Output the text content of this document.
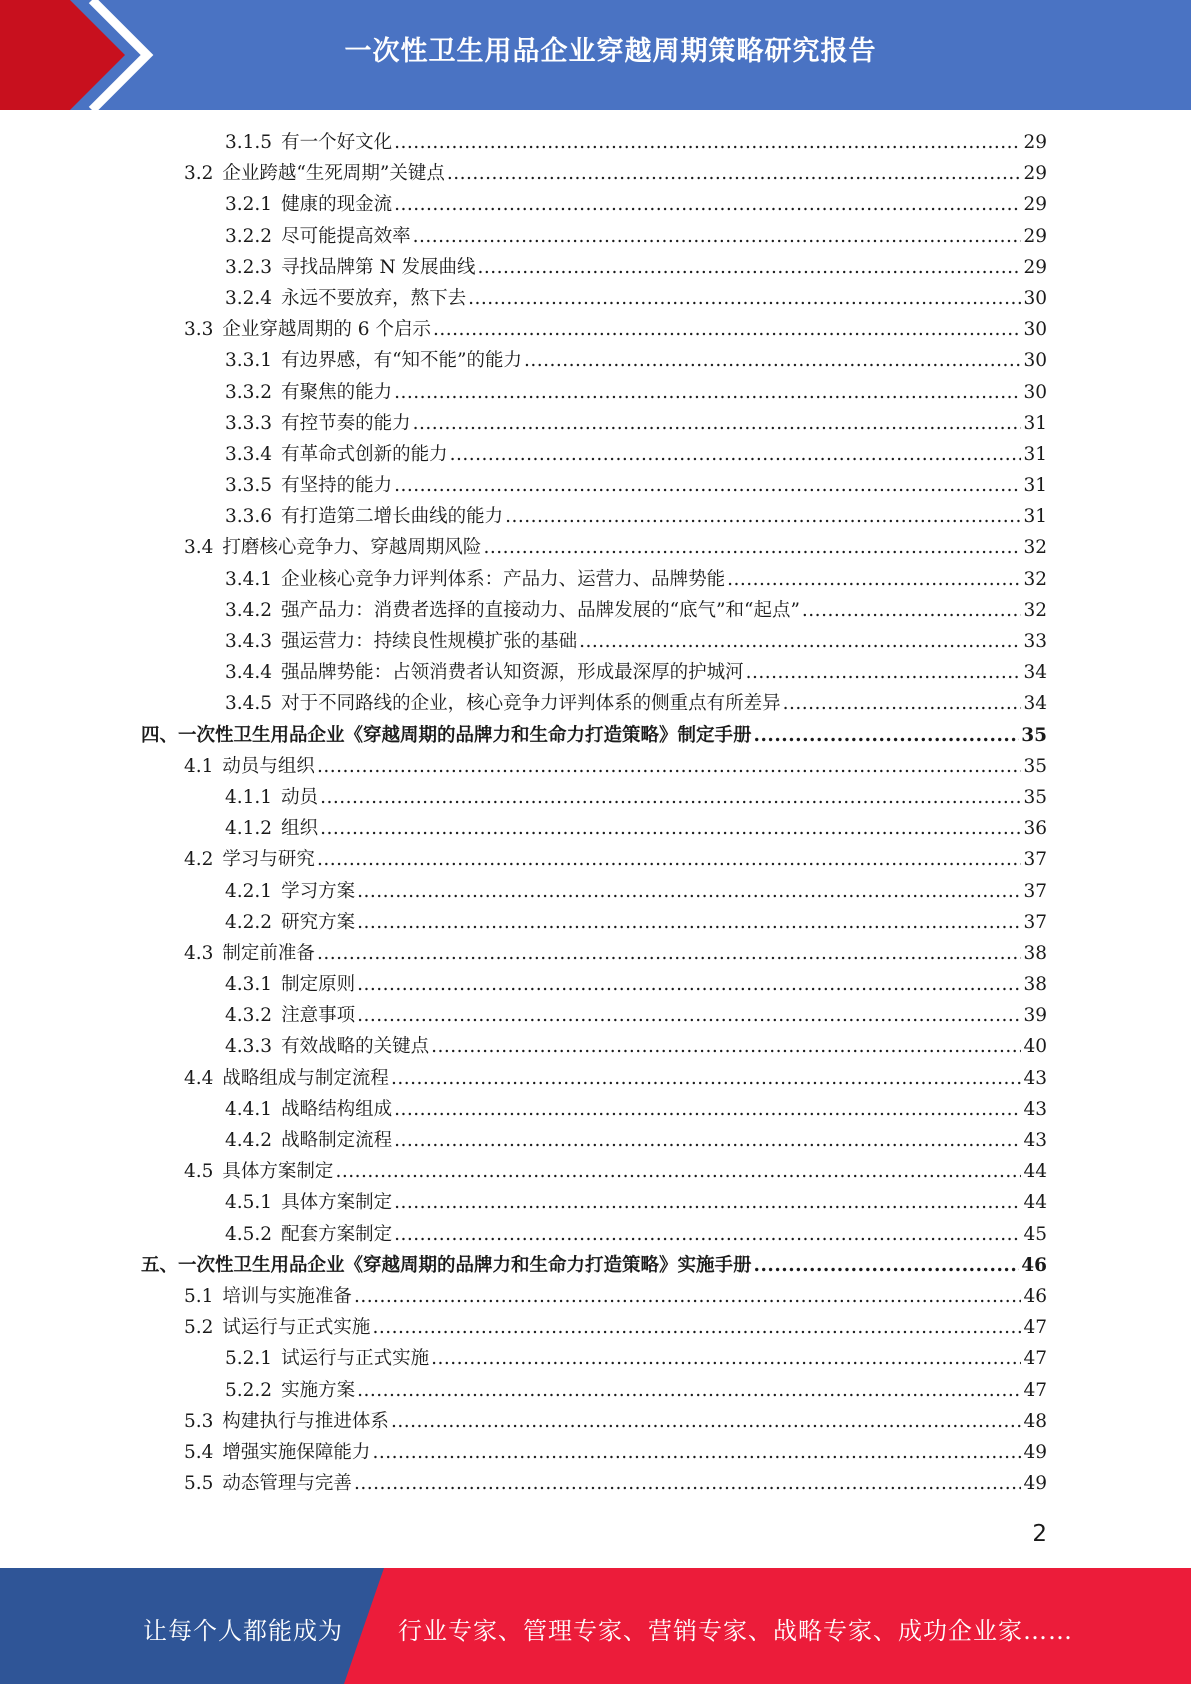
一次性卫生用品企业穿越周期策略研究报告
3.1.5 有一个好文化 .....	29
3.2 企业跨越“生死周期”关键点 .....	29
3.2.1 健康的现金流 .....	29
3.2.2 尽可能提高效率 .....	29
3.2.3 寻找品牌第 N 发展曲线 .....	29
3.2.4 永远不要放弃，熬下去 .....	30
3.3 企业穿越周期的 6 个启示 .....	30
3.3.1 有边界感，有“知不能”的能力 .....	30
3.3.2 有聚焦的能力 .....	30
3.3.3 有控节奏的能力 .....	31
3.3.4 有革命式创新的能力 .....	31
3.3.5 有坚持的能力 .....	31
3.3.6 有打造第二增长曲线的能力 .....	31
3.4 打磨核心竞争力、穿越周期风险 .....	32
3.4.1 企业核心竞争力评判体系：产品力、运营力、品牌势能 .....	32
3.4.2 强产品力：消费者选择的直接动力、品牌发展的“底气”和“起点” .....	32
3.4.3 强运营力：持续良性规模扩张的基础 .....	33
3.4.4 强品牌势能：占领消费者认知资源，形成最深厚的护城河 .....	34
3.4.5 对于不同路线的企业，核心竞争力评判体系的侧重点有所差异 .....	34
四、一次性卫生用品企业《穿越周期的品牌力和生命力打造策略》制定手册 .....	35
4.1 动员与组织 .....	35
4.1.1 动员 .....	35
4.1.2 组织 .....	36
4.2 学习与研究 .....	37
4.2.1 学习方案 .....	37
4.2.2 研究方案 .....	37
4.3 制定前准备 .....	38
4.3.1 制定原则 .....	38
4.3.2 注意事项 .....	39
4.3.3 有效战略的关键点 .....	40
4.4 战略组成与制定流程 .....	43
4.4.1 战略结构组成 .....	43
4.4.2 战略制定流程 .....	43
4.5 具体方案制定 .....	44
4.5.1 具体方案制定 .....	44
4.5.2 配套方案制定 .....	45
五、一次性卫生用品企业《穿越周期的品牌力和生命力打造策略》实施手册 .....	46
5.1 培训与实施准备 .....	46
5.2 试运行与正式实施 .....	47
5.2.1 试运行与正式实施 .....	47
5.2.2 实施方案 .....	47
5.3 构建执行与推进体系 .....	48
5.4 增强实施保障能力 .....	49
5.5 动态管理与完善 .....	49
2
让每个人都能成为 行业专家、管理专家、营销专家、战略专家、成功企业家……
